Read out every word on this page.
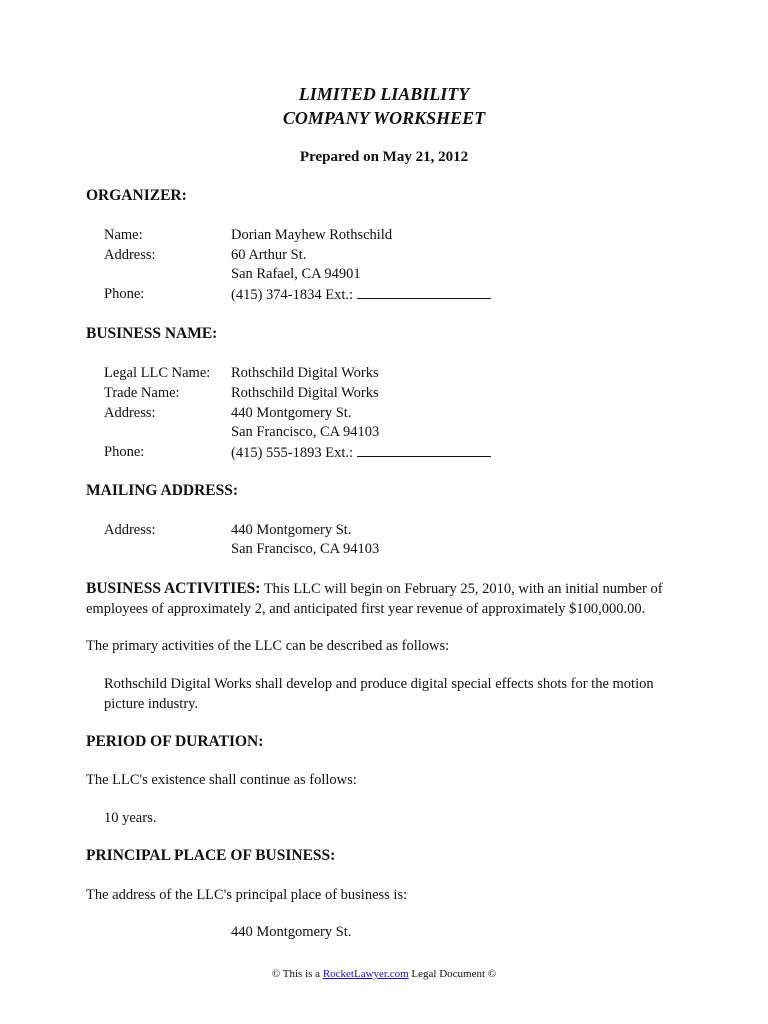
LIMITED LIABILITY
COMPANY WORKSHEET
Prepared on May 21, 2012
ORGANIZER:
Name:	Dorian Mayhew Rothschild
Address:	60 Arthur St.
San Rafael, CA 94901
Phone:	(415) 374-1834 Ext.:
BUSINESS NAME:
Legal LLC Name: Rothschild Digital Works
Trade Name:	Rothschild Digital Works
Address:	440 Montgomery St.
San Francisco, CA 94103
Phone:	(415) 555-1893 Ext.:
MAILING ADDRESS:
Address:	440 Montgomery St.
San Francisco, CA 94103
BUSINESS ACTIVITIES: This LLC will begin on February 25, 2010, with an initial number of employees of approximately 2, and anticipated first year revenue of approximately $100,000.00.
The primary activities of the LLC can be described as follows:
Rothschild Digital Works shall develop and produce digital special effects shots for the motion picture industry.
PERIOD OF DURATION:
The LLC's existence shall continue as follows:
10 years.
PRINCIPAL PLACE OF BUSINESS:
The address of the LLC's principal place of business is:
440 Montgomery St.
© This is a RocketLawyer.com Legal Document ©
